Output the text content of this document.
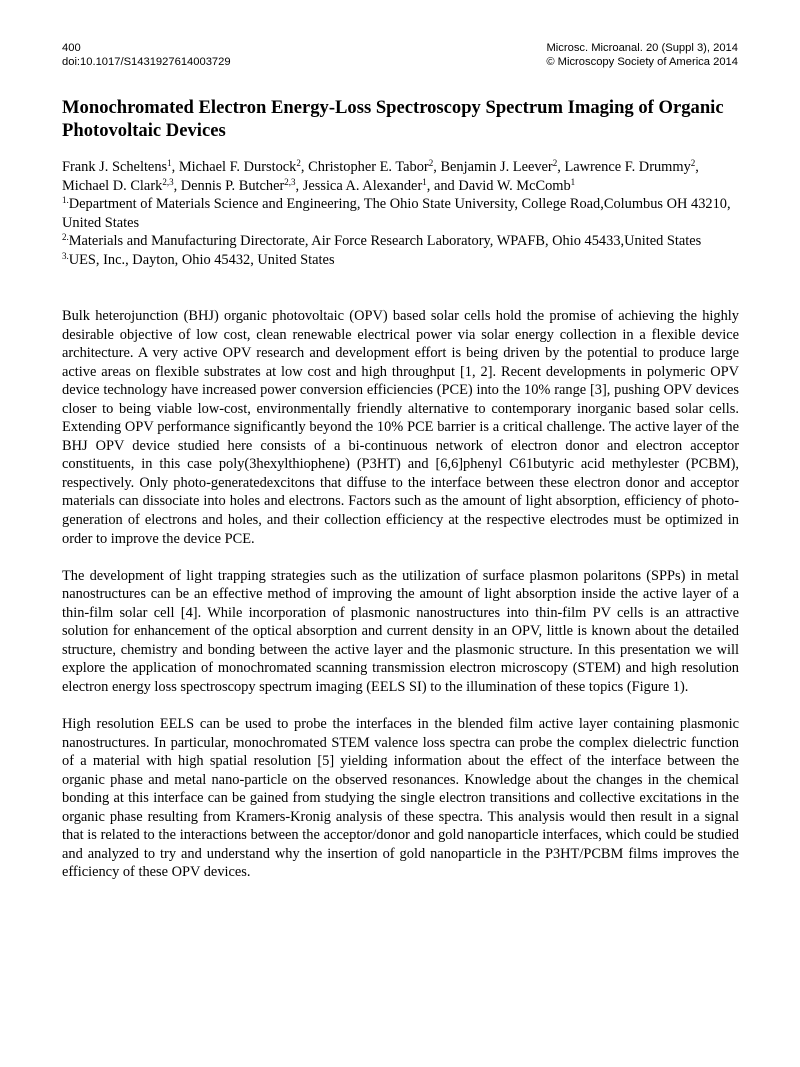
400
doi:10.1017/S1431927614003729
Microsc. Microanal. 20 (Suppl 3), 2014
© Microscopy Society of America 2014
Monochromated Electron Energy-Loss Spectroscopy Spectrum Imaging of Organic Photovoltaic Devices
Frank J. Scheltens$^1$, Michael F. Durstock$^2$, Christopher E. Tabor$^2$, Benjamin J. Leever$^2$, Lawrence F. Drummy$^2$, Michael D. Clark$^{2,3}$, Dennis P. Butcher$^{2,3}$, Jessica A. Alexander$^1$, and David W. McComb$^1$
$^{1.}$Department of Materials Science and Engineering, The Ohio State University, College Road,Columbus OH 43210, United States
$^{2.}$Materials and Manufacturing Directorate, Air Force Research Laboratory, WPAFB, Ohio 45433,United States
$^{3.}$UES, Inc., Dayton, Ohio 45432, United States

Bulk heterojunction (BHJ) organic photovoltaic (OPV) based solar cells hold the promise of achieving the highly desirable objective of low cost, clean renewable electrical power via solar energy collection in a flexible device architecture. A very active OPV research and development effort is being driven by the potential to produce large active areas on flexible substrates at low cost and high throughput [1, 2]. Recent developments in polymeric OPV device technology have increased power conversion efficiencies (PCE) into the 10% range [3], pushing OPV devices closer to being viable low-cost, environmentally friendly alternative to contemporary inorganic based solar cells. Extending OPV performance significantly beyond the 10% PCE barrier is a critical challenge. The active layer of the BHJ OPV device studied here consists of a bi-continuous network of electron donor and electron acceptor constituents, in this case poly(3hexylthiophene) (P3HT) and [6,6]phenyl C61butyric acid methylester (PCBM), respectively. Only photo-generatedexcitons that diffuse to the interface between these electron donor and acceptor materials can dissociate into holes and electrons. Factors such as the amount of light absorption, efficiency of photo-generation of electrons and holes, and their collection efficiency at the respective electrodes must be optimized in order to improve the device PCE.

The development of light trapping strategies such as the utilization of surface plasmon polaritons (SPPs) in metal nanostructures can be an effective method of improving the amount of light absorption inside the active layer of a thin-film solar cell [4]. While incorporation of plasmonic nanostructures into thin-film PV cells is an attractive solution for enhancement of the optical absorption and current density in an OPV, little is known about the detailed structure, chemistry and bonding between the active layer and the plasmonic structure. In this presentation we will explore the application of monochromated scanning transmission electron microscopy (STEM) and high resolution electron energy loss spectroscopy spectrum imaging (EELS SI) to the illumination of these topics (Figure 1).

High resolution EELS can be used to probe the interfaces in the blended film active layer containing plasmonic nanostructures. In particular, monochromated STEM valence loss spectra can probe the complex dielectric function of a material with high spatial resolution [5] yielding information about the effect of the interface between the organic phase and metal nano-particle on the observed resonances. Knowledge about the changes in the chemical bonding at this interface can be gained from studying the single electron transitions and collective excitations in the organic phase resulting from Kramers-Kronig analysis of these spectra. This analysis would then result in a signal that is related to the interactions between the acceptor/donor and gold nanoparticle interfaces, which could be studied and analyzed to try and understand why the insertion of gold nanoparticle in the P3HT/PCBM films improves the efficiency of these OPV devices.
